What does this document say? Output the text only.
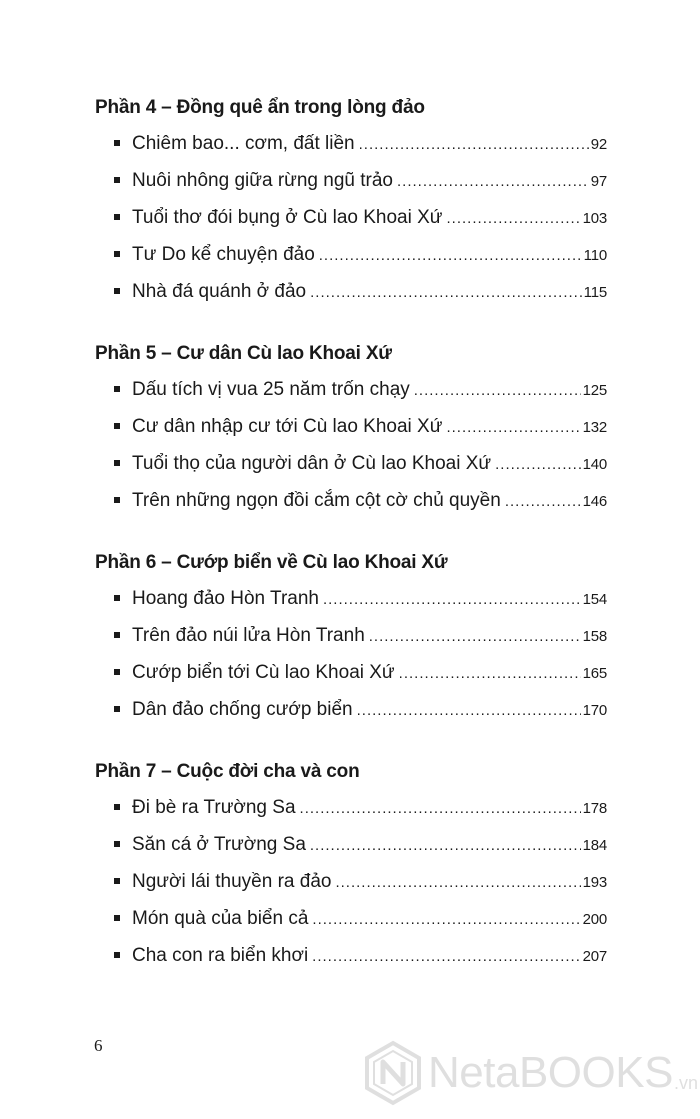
Phần 4 – Đồng quê ẩn trong lòng đảo
Chiêm bao... cơm, đất liền .....	92
Nuôi nhông giữa rừng ngũ trảo .....	97
Tuổi thơ đói bụng ở Cù lao Khoai Xứ .....	103
Tư Do kể chuyện đảo .....	110
Nhà đá quánh ở đảo .....	115
Phần 5 – Cư dân Cù lao Khoai Xứ
Dấu tích vị vua 25 năm trốn chạy .....	125
Cư dân nhập cư tới Cù lao Khoai Xứ .....	132
Tuổi thọ của người dân ở Cù lao Khoai Xứ .....	140
Trên những ngọn đồi cắm cột cờ chủ quyền .....	146
Phần 6 – Cướp biển về Cù lao Khoai Xứ
Hoang đảo Hòn Tranh .....	154
Trên đảo núi lửa Hòn Tranh .....	158
Cướp biển tới Cù lao Khoai Xứ .....	165
Dân đảo chống cướp biển .....	170
Phần 7 – Cuộc đời cha và con
Đi bè ra Trường Sa .....	178
Săn cá ở Trường Sa .....	184
Người lái thuyền ra đảo .....	193
Món quà của biển cả .....	200
Cha con ra biển khơi .....	207
6
NetaBOOKS .vn
